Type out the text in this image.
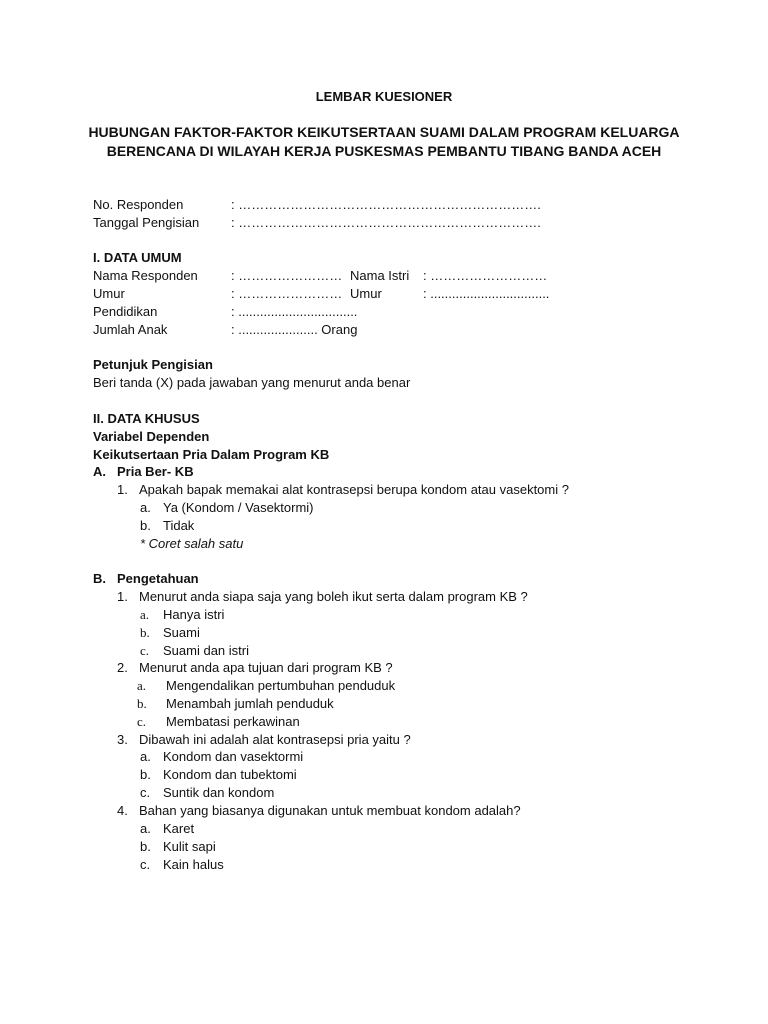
LEMBAR KUESIONER
HUBUNGAN FAKTOR-FAKTOR KEIKUTSERTAAN SUAMI DALAM PROGRAM KELUARGA
BERENCANA DI WILAYAH KERJA PUSKESMAS PEMBANTU TIBANG BANDA ACEH
No. Responden	: …………………………………………………………….
Tanggal Pengisian : …………………………………………………………….
I. DATA UMUM
Nama Responden	: …………………… Nama Istri : ………………………
Umur	: …………………… Umur	: .................................
Pendidikan	: .................................
Jumlah Anak	: ...................... Orang
Petunjuk Pengisian
Beri tanda (X) pada jawaban yang menurut anda benar
II. DATA KHUSUS
Variabel Dependen
Keikutsertaan Pria Dalam Program KB
A. Pria Ber- KB
1. Apakah bapak memakai alat kontrasepsi berupa kondom atau vasektomi ?
a. Ya (Kondom / Vasektormi)
b. Tidak
* Coret salah satu
B. Pengetahuan
1. Menurut anda siapa saja yang boleh ikut serta dalam program KB ?
a. Hanya istri
b. Suami
c. Suami dan istri
2. Menurut anda apa tujuan dari program KB ?
a. Mengendalikan pertumbuhan penduduk
b. Menambah jumlah penduduk
c. Membatasi perkawinan
3. Dibawah ini adalah alat kontrasepsi pria yaitu ?
a. Kondom dan vasektormi
b. Kondom dan tubektomi
c. Suntik dan kondom
4. Bahan yang biasanya digunakan untuk membuat kondom adalah?
a. Karet
b. Kulit sapi
c. Kain halus
